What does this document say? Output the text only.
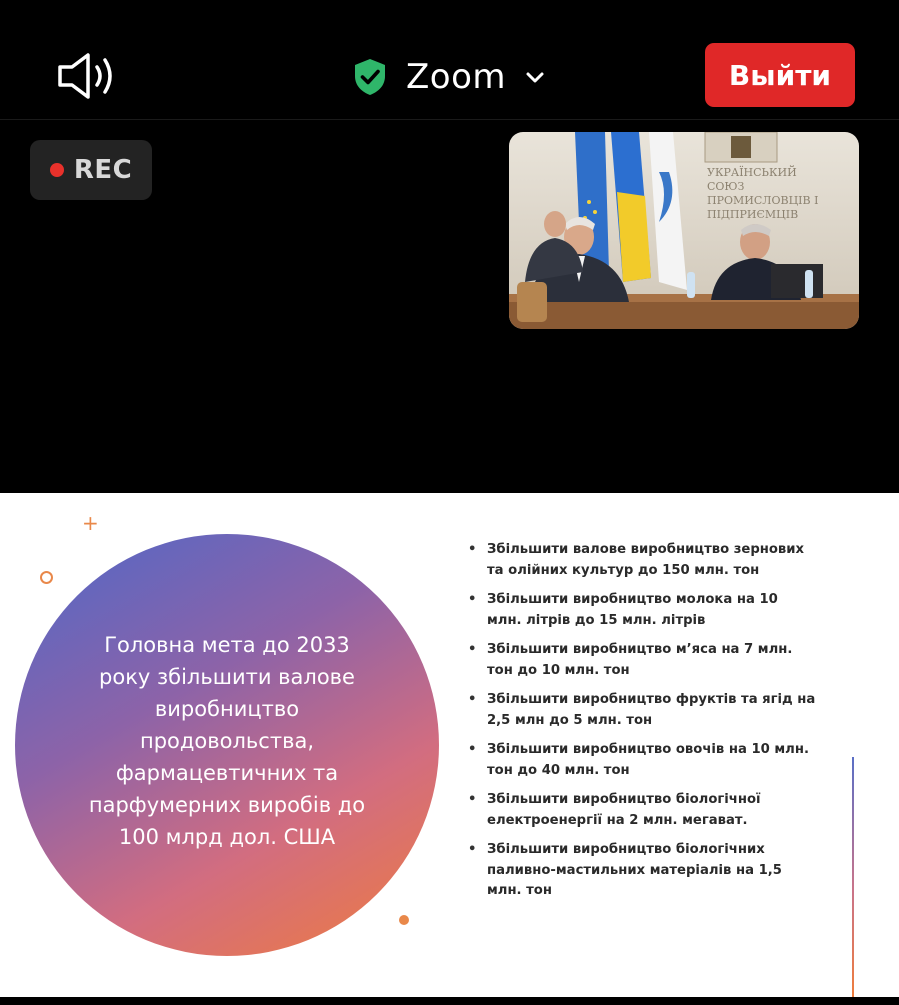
Zoom	Выйти
REC	УКРАЇНСЬКИЙ
СОЮЗ
ПРОМИСЛОВЦІВ І
ПІДПРИЄМЦІВ
+

Головна мета до 2033 року збільшити валове виробництво продовольства, фармацевтичних та парфумерних виробів до 100 млрд дол. США

• Збільшити валове виробництво зернових та олійних культур до 150 млн. тон
• Збільшити виробництво молока на 10 млн. літрів до 15 млн. літрів
• Збільшити виробництво м’яса на 7 млн. тон до 10 млн. тон
• Збільшити виробництво фруктів та ягід на 2,5 млн до 5 млн. тон
• Збільшити виробництво овочів на 10 млн. тон до 40 млн. тон
• Збільшити виробництво біологічної електроенергії на 2 млн. мегават.
• Збільшити виробництво біологічних паливно-мастильних матеріалів на 1,5 млн. тон
